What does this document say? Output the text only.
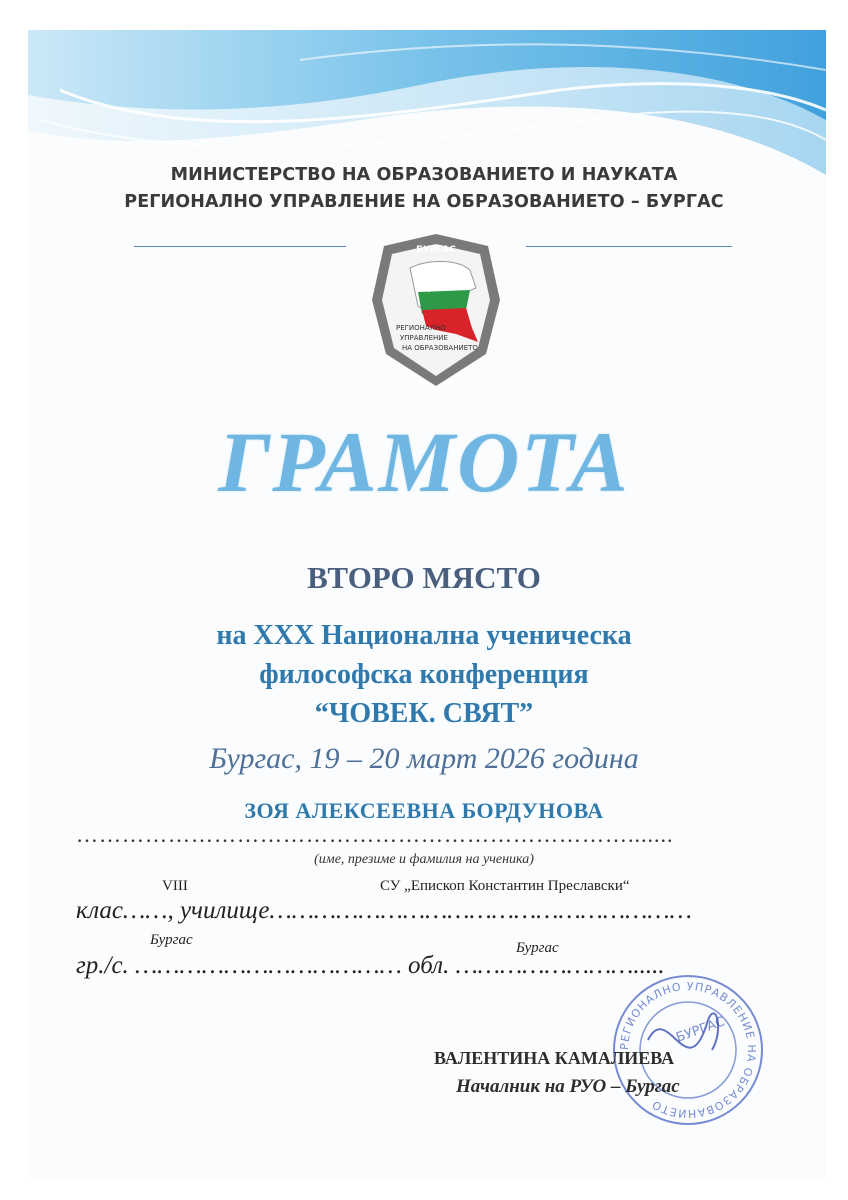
МИНИСТЕРСТВО НА ОБРАЗОВАНИЕТО И НАУКАТА
РЕГИОНАЛНО УПРАВЛЕНИЕ НА ОБРАЗОВАНИЕТО – БУРГАС
БУРГАС
РЕГИОНАЛНО
УПРАВЛЕНИЕ
НА ОБРАЗОВАНИЕТО
ГРАМОТА
ВТОРО МЯСТО
на ХХХ Национална ученическа
философска конференция
“ЧОВЕК. СВЯТ”
Бургас, 19 – 20 март 2026 година
ЗОЯ АЛЕКСЕЕВНА БОРДУНОВА
……………………………………………………………….......
(име, презиме и фамилия на ученика)
VIII	СУ „Епископ Константин Преславски“
клас……, училище…………………………………………………
Бургас	Бургас
гр./с. ……………………………… обл. …………………….....
РЕГИОНАЛНО УПРАВЛЕНИЕ НА ОБРАЗОВАНИЕТО
БУРГАС
ВАЛЕНТИНА КАМАЛИЕВА
Началник на РУО – Бургас
